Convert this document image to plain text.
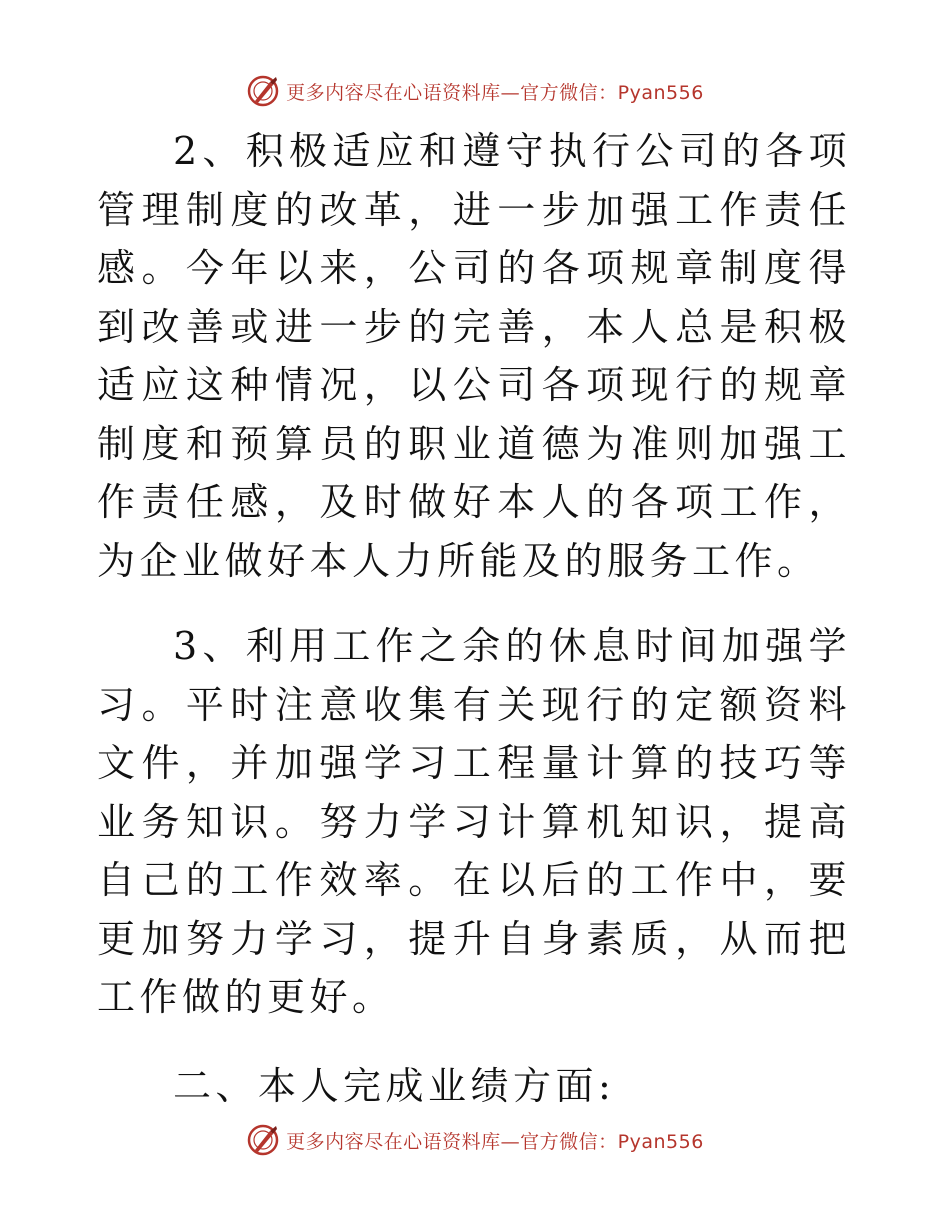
更多内容尽在心语资料库—官方微信：Pyan556

2、积极适应和遵守执行公司的各项管理制度的改革，进一步加强工作责任感。今年以来，公司的各项规章制度得到改善或进一步的完善，本人总是积极适应这种情况，以公司各项现行的规章制度和预算员的职业道德为准则加强工作责任感，及时做好本人的各项工作，为企业做好本人力所能及的服务工作。

3、利用工作之余的休息时间加强学习。平时注意收集有关现行的定额资料文件，并加强学习工程量计算的技巧等业务知识。努力学习计算机知识，提高自己的工作效率。在以后的工作中，要更加努力学习，提升自身素质，从而把工作做的更好。

二、本人完成业绩方面:

更多内容尽在心语资料库—官方微信：Pyan556
